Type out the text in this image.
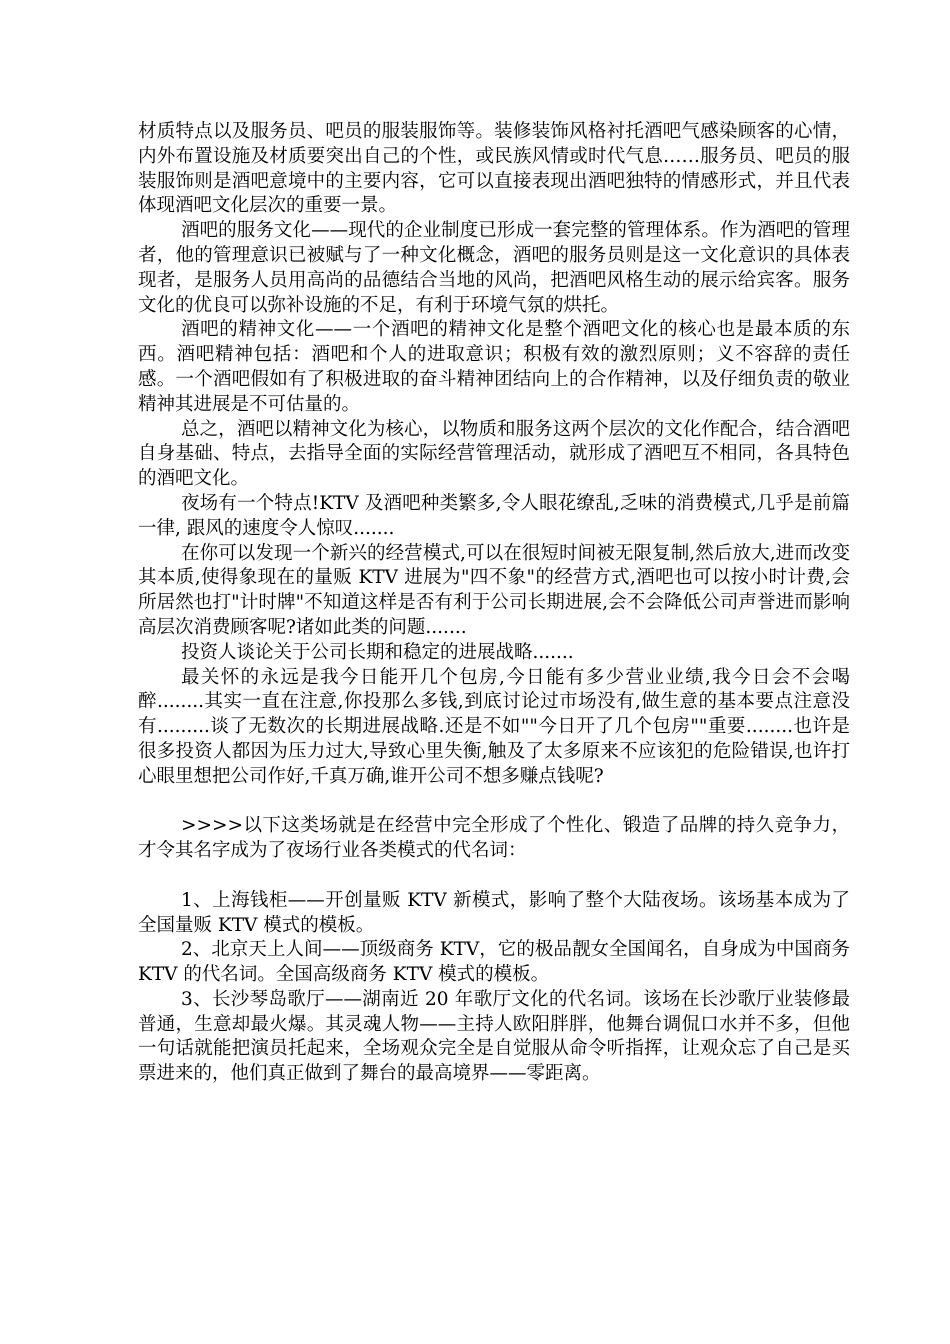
材质特点以及服务员、吧员的服装服饰等。装修装饰风格衬托酒吧气感染顾客的心情，内外布置设施及材质要突出自己的个性，或民族风情或时代气息……服务员、吧员的服装服饰则是酒吧意境中的主要内容，它可以直接表现出酒吧独特的情感形式，并且代表体现酒吧文化层次的重要一景。

酒吧的服务文化——现代的企业制度已形成一套完整的管理体系。作为酒吧的管理者，他的管理意识已被赋与了一种文化概念，酒吧的服务员则是这一文化意识的具体表现者，是服务人员用高尚的品德结合当地的风尚，把酒吧风格生动的展示给宾客。服务文化的优良可以弥补设施的不足，有利于环境气氛的烘托。

酒吧的精神文化——一个酒吧的精神文化是整个酒吧文化的核心也是最本质的东西。酒吧精神包括：酒吧和个人的进取意识；积极有效的激烈原则；义不容辞的责任感。一个酒吧假如有了积极进取的奋斗精神团结向上的合作精神，以及仔细负责的敬业精神其进展是不可估量的。

总之，酒吧以精神文化为核心，以物质和服务这两个层次的文化作配合，结合酒吧自身基础、特点，去指导全面的实际经营管理活动，就形成了酒吧互不相同，各具特色的酒吧文化。

夜场有一个特点!KTV 及酒吧种类繁多,令人眼花缭乱,乏味的消费模式,几乎是前篇一律, 跟风的速度令人惊叹.......

在你可以发现一个新兴的经营模式,可以在很短时间被无限复制,然后放大,进而改变其本质,使得象现在的量贩 KTV 进展为"四不象"的经营方式,酒吧也可以按小时计费,会所居然也打"计时牌"不知道这样是否有利于公司长期进展,会不会降低公司声誉进而影响高层次消费顾客呢?诸如此类的问题.......

投资人谈论关于公司长期和稳定的进展战略.......

最关怀的永远是我今日能开几个包房,今日能有多少营业业绩,我今日会不会喝醉........其实一直在注意,你投那么多钱,到底讨论过市场没有,做生意的基本要点注意没有.........谈了无数次的长期进展战略.还是不如""今日开了几个包房""重要........也许是很多投资人都因为压力过大,导致心里失衡,触及了太多原来不应该犯的危险错误,也许打心眼里想把公司作好,千真万确,谁开公司不想多赚点钱呢?

>>>>以下这类场就是在经营中完全形成了个性化、锻造了品牌的持久竞争力，才令其名字成为了夜场行业各类模式的代名词：

1、上海钱柜——开创量贩 KTV 新模式，影响了整个大陆夜场。该场基本成为了全国量贩 KTV 模式的模板。

2、北京天上人间——顶级商务 KTV，它的极品靓女全国闻名，自身成为中国商务 KTV 的代名词。全国高级商务 KTV 模式的模板。

3、长沙琴岛歌厅——湖南近 20 年歌厅文化的代名词。该场在长沙歌厅业装修最普通，生意却最火爆。其灵魂人物——主持人欧阳胖胖，他舞台调侃口水并不多，但他一句话就能把演员托起来，全场观众完全是自觉服从命令听指挥，让观众忘了自己是买票进来的，他们真正做到了舞台的最高境界——零距离。
